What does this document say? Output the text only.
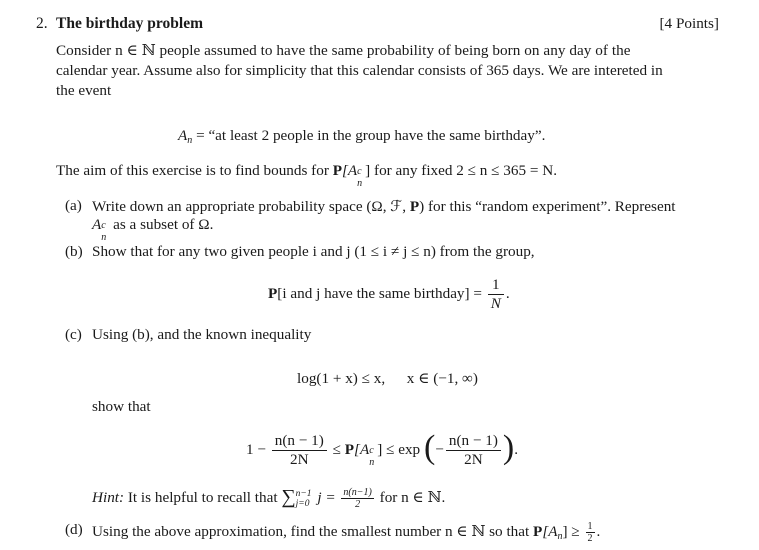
2. The birthday problem	[4 Points]
Consider n ∈ ℕ people assumed to have the same probability of being born on any day of the
calendar year. Assume also for simplicity that this calendar consists of 365 days. We are intereted in
the event
An = “at least 2 people in the group have the same birthday”.
The aim of this exercise is to find bounds for P[A c
n
] for any fixed 2 ≤ n ≤ 365 = N.
(a) Write down an appropriate probability space (Ω, ℱ, P) for this “random experiment”. Represent
A c
n
as a subset of Ω.
(b) Show that for any two given people i and j (1 ≤ i ≠ j ≤ n) from the group,
P[i and j have the same birthday] = $\frac{1}{N}$ .
(c) Using (b), and the known inequality
log(1 + x) ≤ x, x ∈ (−1, ∞)
show that
$1 - \frac{n(n - 1)}{2N} \le P[A$ c
n
] ≤ exp (− $\frac{n(n - 1)}{2N}$ ).
Hint: It is helpful to recall that ∑ n−1
j=0 $j = \frac{n(n-1)}{2}$ for n ∈ ℕ.
(d) Using the above approximation, find the smallest number n ∈ ℕ so that $P[An] \ge \frac{1}{2}$ .
